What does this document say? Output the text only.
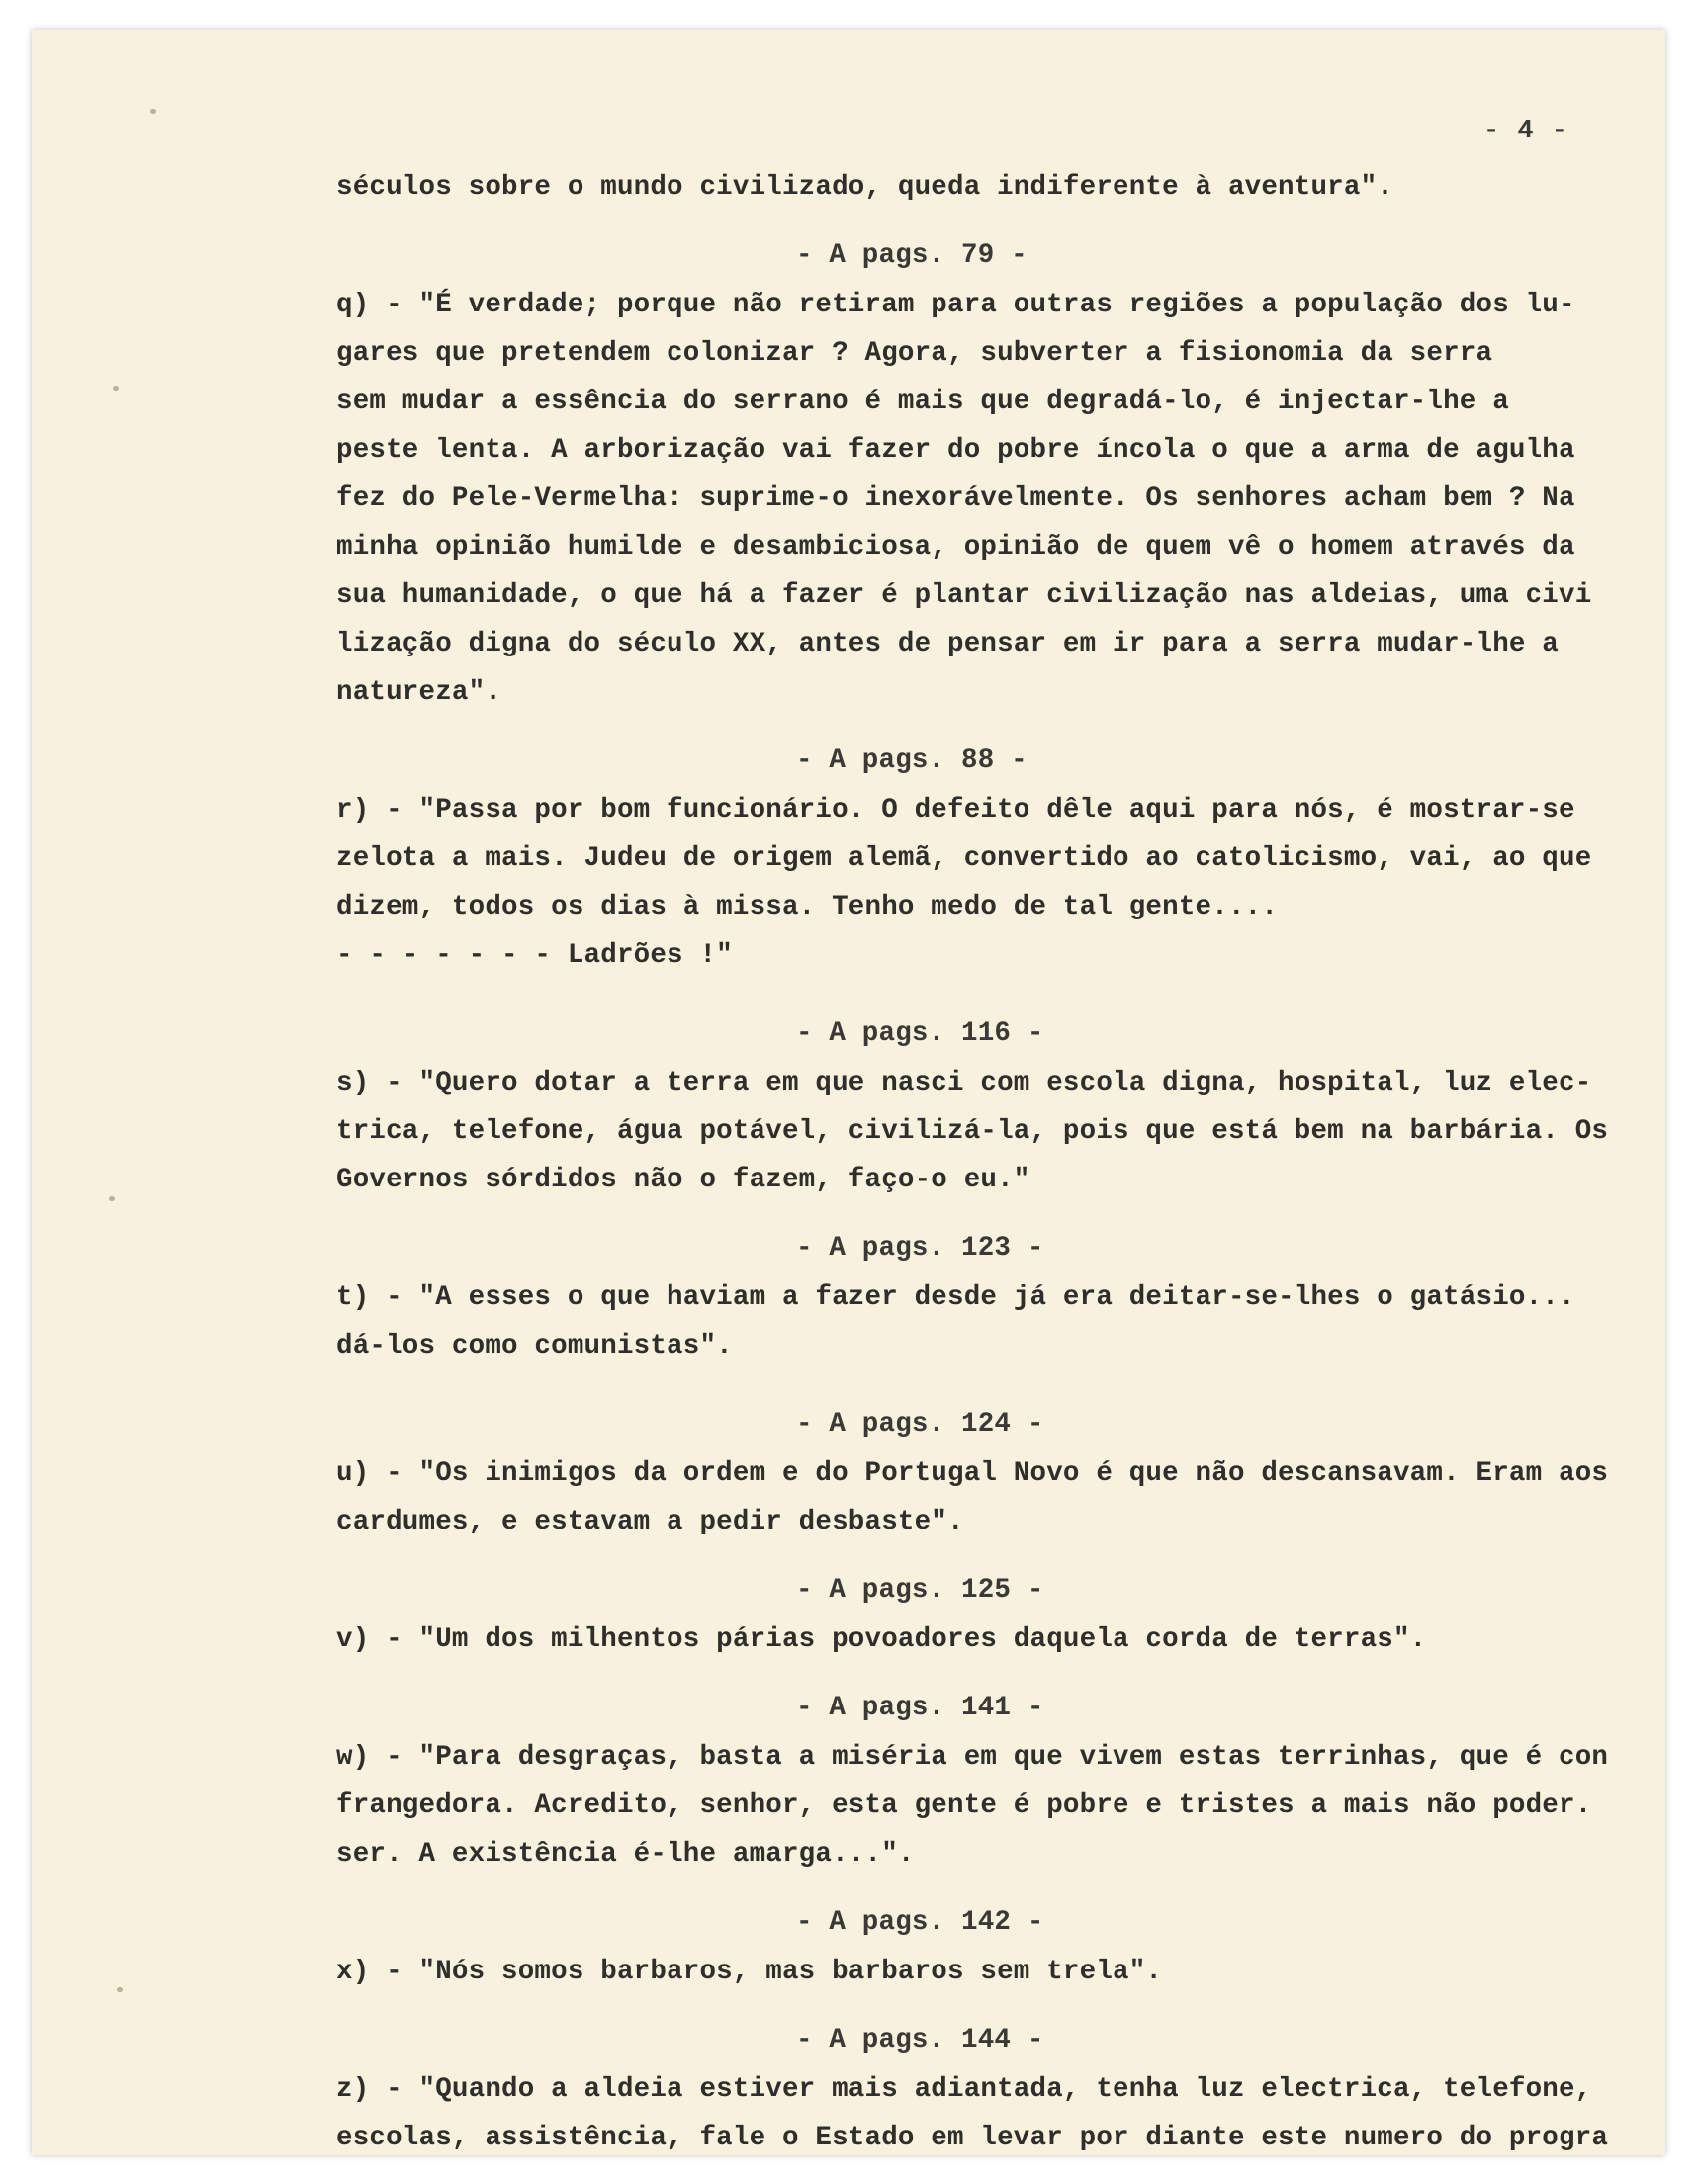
- 4 -

séculos sobre o mundo civilizado, queda indiferente à aventura".

- A pags. 79 -

q) - "É verdade; porque não retiram para outras regiões a população dos lu-

gares que pretendem colonizar ? Agora, subverter a fisionomia da serra

sem mudar a essência do serrano é mais que degradá-lo, é injectar-lhe a

peste lenta. A arborização vai fazer do pobre íncola o que a arma de agulha

fez do Pele-Vermelha: suprime-o inexorávelmente. Os senhores acham bem ? Na

minha opinião humilde e desambiciosa, opinião de quem vê o homem através da

sua humanidade, o que há a fazer é plantar civilização nas aldeias, uma civi

lização digna do século XX, antes de pensar em ir para a serra mudar-lhe a

natureza".

- A pags. 88 -

r) - "Passa por bom funcionário. O defeito dêle aqui para nós, é mostrar-se

zelota a mais. Judeu de origem alemã, convertido ao catolicismo, vai, ao que

dizem, todos os dias à missa. Tenho medo de tal gente....

- - - - - - - Ladrões !"

- A pags. 116 -

s) - "Quero dotar a terra em que nasci com escola digna, hospital, luz elec-

trica, telefone, água potável, civilizá-la, pois que está bem na barbária. Os

Governos sórdidos não o fazem, faço-o eu."

- A pags. 123 -

t) - "A esses o que haviam a fazer desde já era deitar-se-lhes o gatásio...

dá-los como comunistas".

- A pags. 124 -

u) - "Os inimigos da ordem e do Portugal Novo é que não descansavam. Eram aos

cardumes, e estavam a pedir desbaste".

- A pags. 125 -

v) - "Um dos milhentos párias povoadores daquela corda de terras".

- A pags. 141 -

w) - "Para desgraças, basta a miséria em que vivem estas terrinhas, que é con

frangedora. Acredito, senhor, esta gente é pobre e tristes a mais não poder.

ser. A existência é-lhe amarga...".

- A pags. 142 -

x) - "Nós somos barbaros, mas barbaros sem trela".

- A pags. 144 -

z) - "Quando a aldeia estiver mais adiantada, tenha luz electrica, telefone,

escolas, assistência, fale o Estado em levar por diante este numero do progra
